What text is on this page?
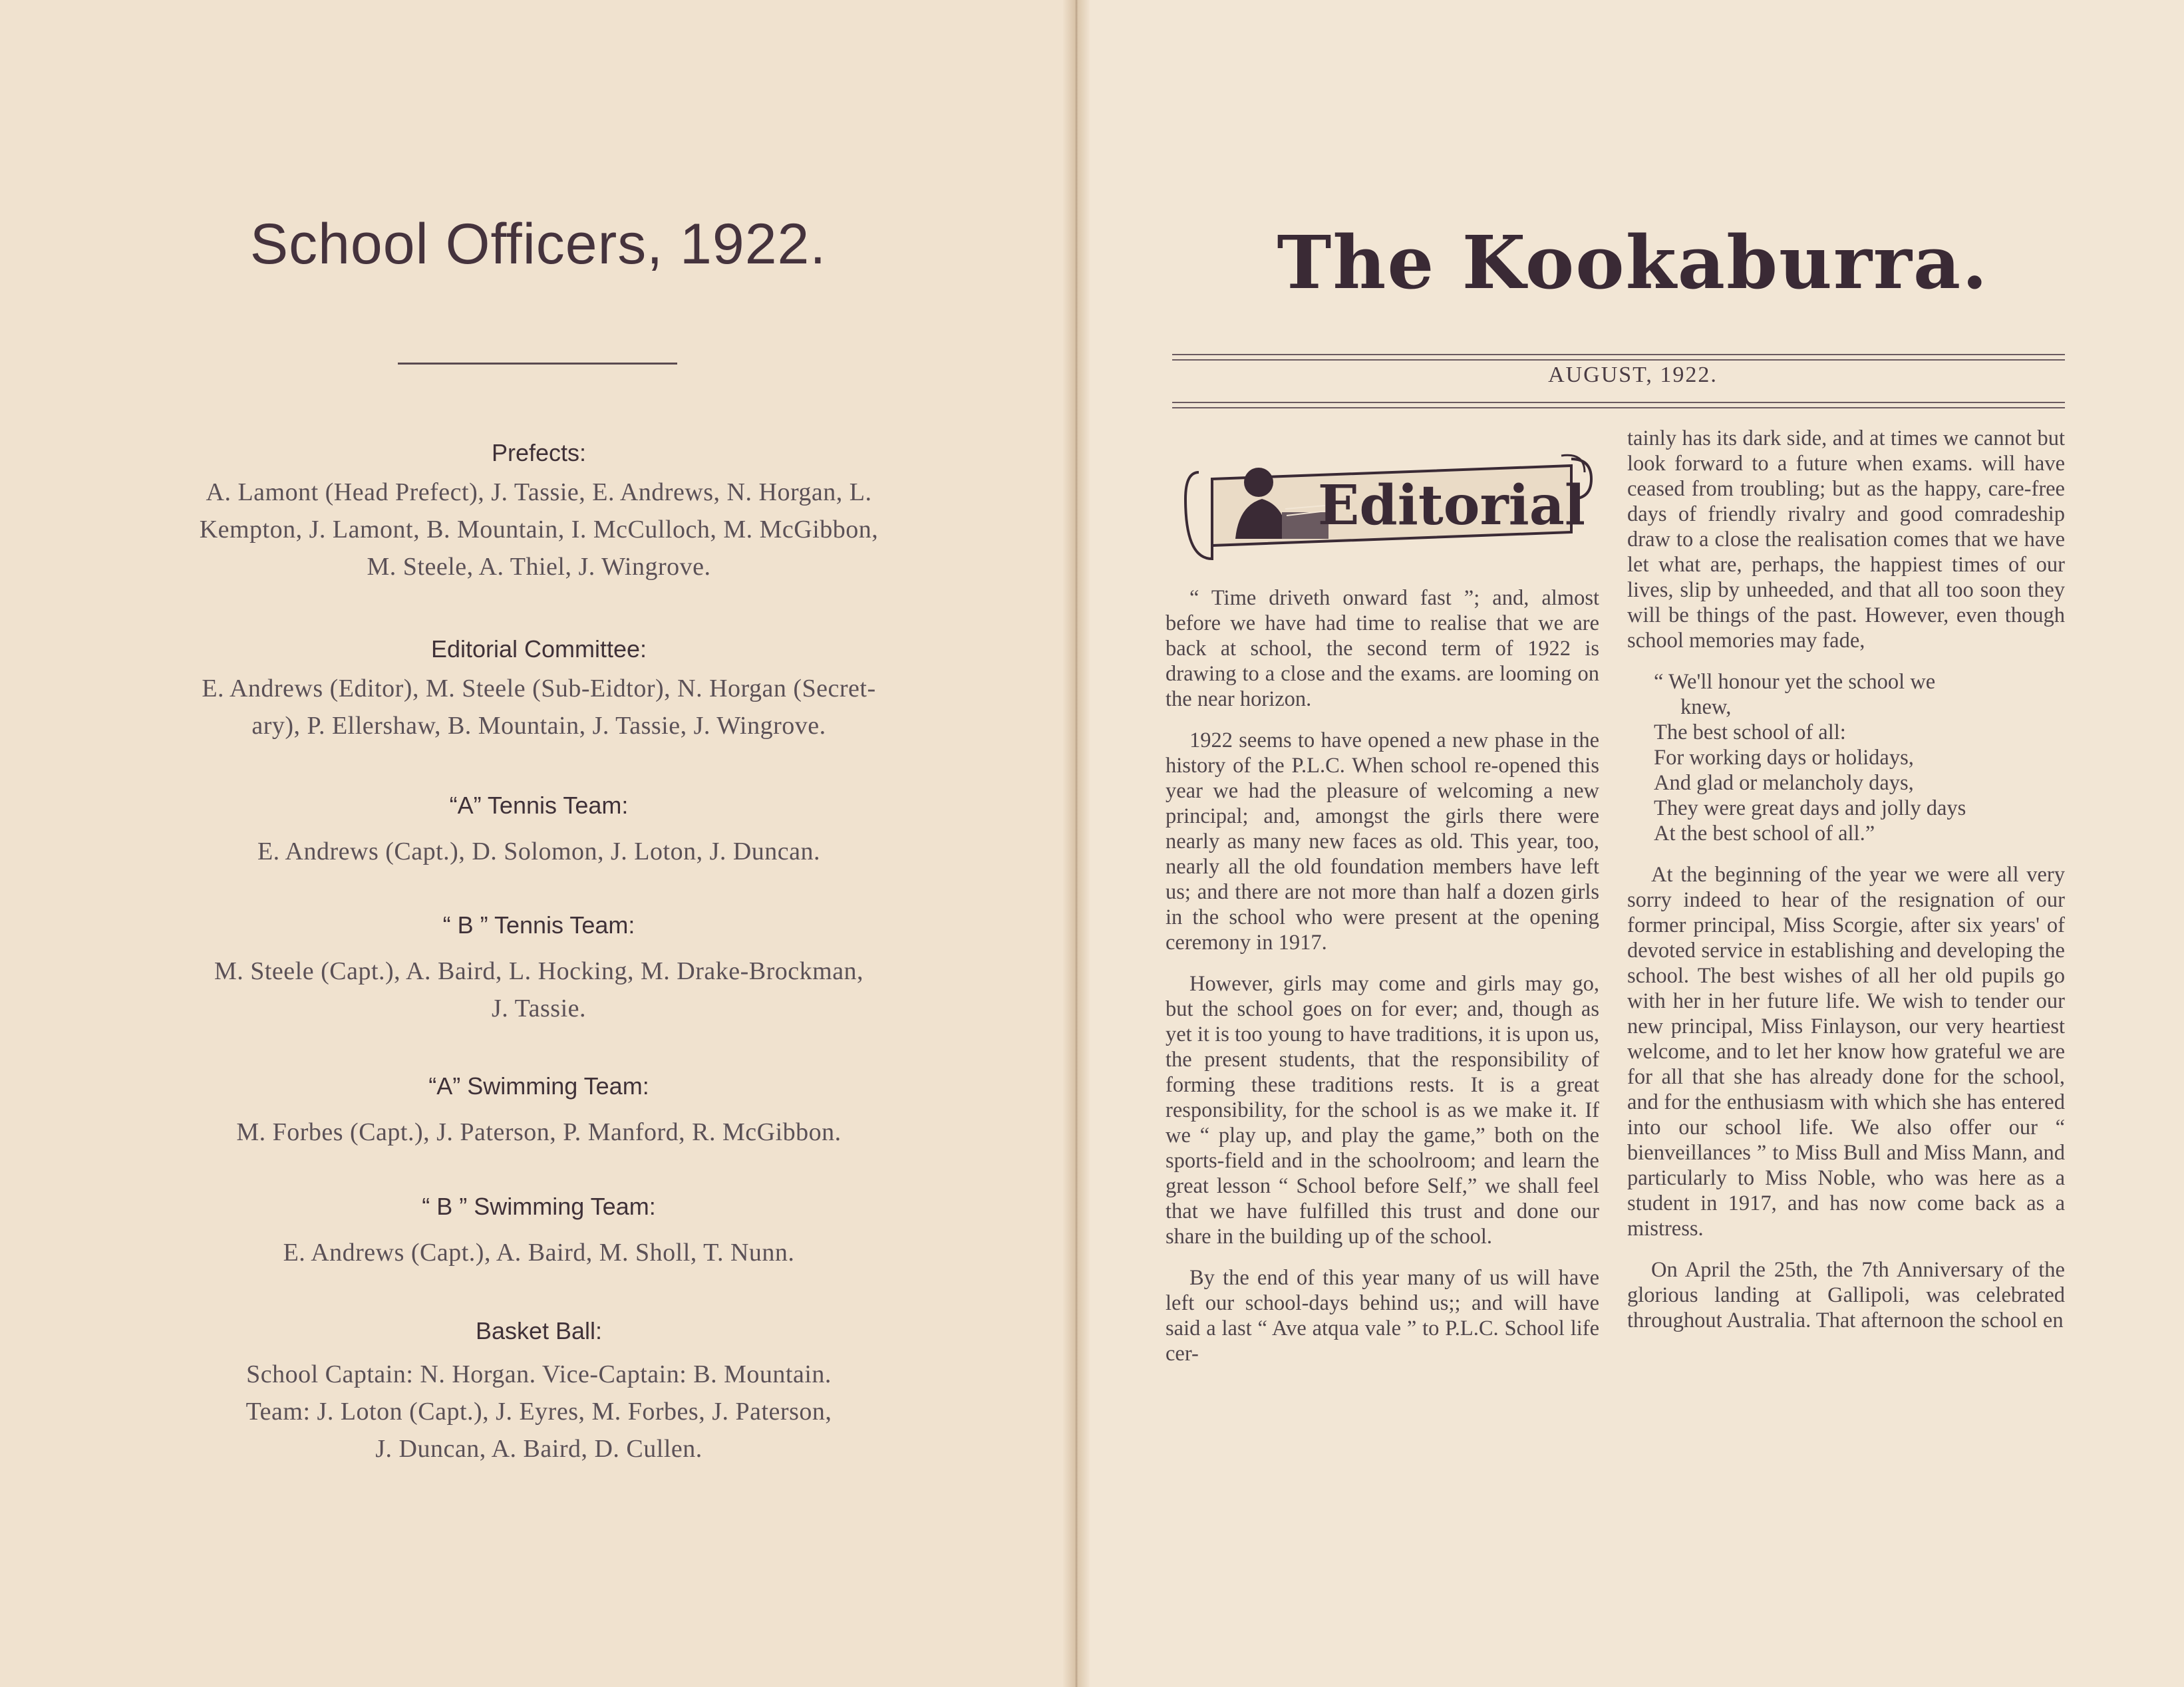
School Officers, 1922.
Prefects:
A. Lamont (Head Prefect), J. Tassie, E. Andrews, N. Horgan, L.
Kempton, J. Lamont, B. Mountain, I. McCulloch, M. McGibbon,
M. Steele, A. Thiel, J. Wingrove.
Editorial Committee:
E. Andrews (Editor), M. Steele (Sub-Eidtor), N. Horgan (Secret-
ary), P. Ellershaw, B. Mountain, J. Tassie, J. Wingrove.
“A” Tennis Team:
E. Andrews (Capt.), D. Solomon, J. Loton, J. Duncan.
“ B ” Tennis Team:
M. Steele (Capt.), A. Baird, L. Hocking, M. Drake-Brockman,
J. Tassie.
“A” Swimming Team:
M. Forbes (Capt.), J. Paterson, P. Manford, R. McGibbon.
“ B ” Swimming Team:
E. Andrews (Capt.), A. Baird, M. Sholl, T. Nunn.
Basket Ball:
School Captain: N. Horgan. Vice-Captain: B. Mountain.
Team: J. Loton (Capt.), J. Eyres, M. Forbes, J. Paterson,
J. Duncan, A. Baird, D. Cullen.
The Kookaburra.
AUGUST, 1922.
Editorial

“ Time driveth onward fast ”; and, almost before we have had time to realise that we are back at school, the second term of 1922 is drawing to a close and the exams. are looming on the near horizon.

1922 seems to have opened a new phase in the history of the P.L.C. When school re-opened this year we had the pleasure of welcoming a new principal; and, amongst the girls there were nearly as many new faces as old. This year, too, nearly all the old foundation members have left us; and there are not more than half a dozen girls in the school who were present at the opening ceremony in 1917.

However, girls may come and girls may go, but the school goes on for ever; and, though as yet it is too young to have traditions, it is upon us, the present students, that the responsibility of forming these traditions rests. It is a great responsibility, for the school is as we make it. If we “ play up, and play the game,” both on the sports-field and in the schoolroom; and learn the great lesson “ School before Self,” we shall feel that we have fulfilled this trust and done our share in the building up of the school.

By the end of this year many of us will have left our school-days behind us;; and will have said a last “ Ave atqua vale ” to P.L.C. School life cer-

tainly has its dark side, and at times we cannot but look forward to a future when exams. will have ceased from troubling; but as the happy, care-free days of friendly rivalry and good comradeship draw to a close the realisation comes that we have let what are, perhaps, the happiest times of our lives, slip by unheeded, and that all too soon they will be things of the past. However, even though school memories may fade,

“ We'll honour yet the school we
knew,
The best school of all:
For working days or holidays,
And glad or melancholy days,
They were great days and jolly days
At the best school of all.”

At the beginning of the year we were all very sorry indeed to hear of the resignation of our former principal, Miss Scorgie, after six years' of devoted service in establishing and developing the school. The best wishes of all her old pupils go with her in her future life. We wish to tender our new principal, Miss Finlayson, our very heartiest welcome, and to let her know how grateful we are for all that she has already done for the school, and for the enthusiasm with which she has entered into our school life. We also offer our “ bienveillances ” to Miss Bull and Miss Mann, and particularly to Miss Noble, who was here as a student in 1917, and has now come back as a mistress.

On April the 25th, the 7th Anniversary of the glorious landing at Gallipoli, was celebrated throughout Australia. That afternoon the school en
